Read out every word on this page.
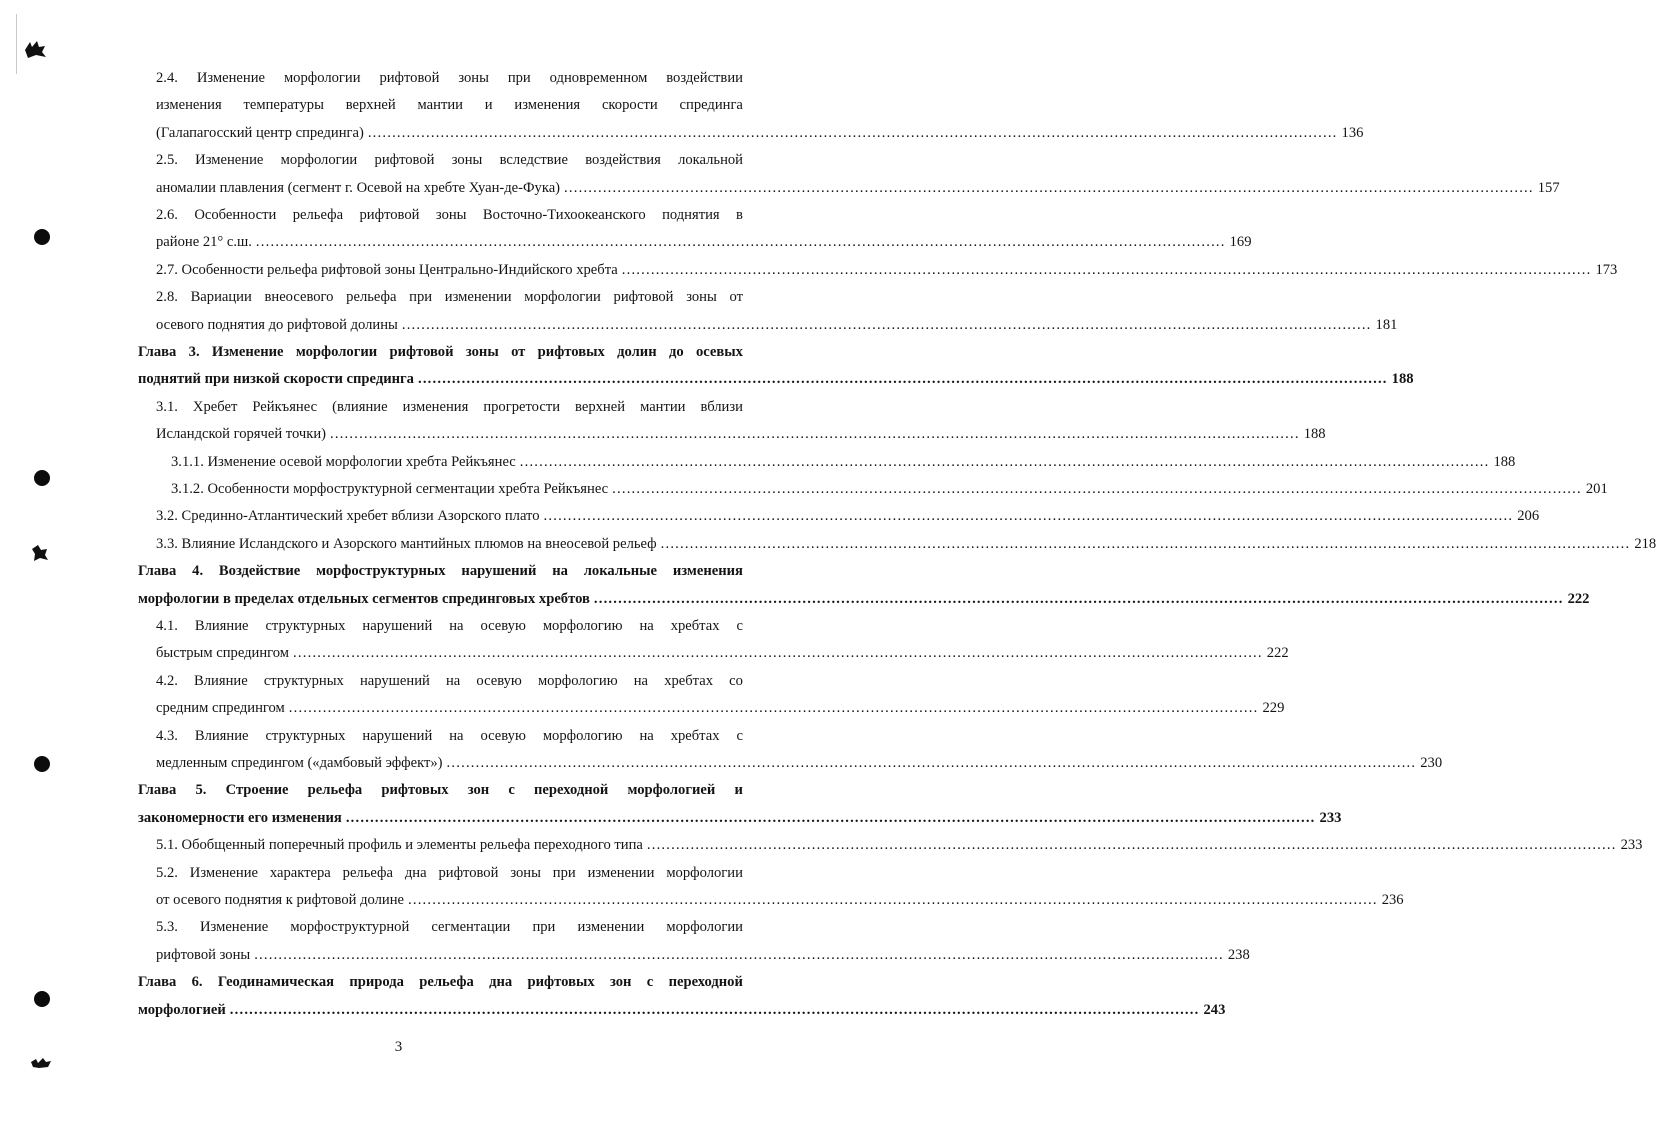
2.4. Изменение морфологии рифтовой зоны при одновременном воздействии
изменения температуры верхней мантии и изменения скорости спрединга
(Галапагосский центр спрединга) ........................................................................................................................................................................................................ 136
2.5. Изменение морфологии рифтовой зоны вследствие воздействия локальной
аномалии плавления (сегмент г. Осевой на хребте Хуан-де-Фука) ........................................................................................................................................................................................................ 157
2.6. Особенности рельефа рифтовой зоны Восточно-Тихоокеанского поднятия в
районе 21° с.ш. ........................................................................................................................................................................................................ 169
2.7. Особенности рельефа рифтовой зоны Центрально-Индийского хребта ........................................................................................................................................................................................................ 173
2.8. Вариации внеосевого рельефа при изменении морфологии рифтовой зоны от
осевого поднятия до рифтовой долины ........................................................................................................................................................................................................ 181
Глава 3. Изменение морфологии рифтовой зоны от рифтовых долин до осевых
поднятий при низкой скорости спрединга ........................................................................................................................................................................................................ 188
3.1. Хребет Рейкъянес (влияние изменения прогретости верхней мантии вблизи
Исландской горячей точки) ........................................................................................................................................................................................................ 188
3.1.1. Изменение осевой морфологии хребта Рейкъянес ........................................................................................................................................................................................................ 188
3.1.2. Особенности морфоструктурной сегментации хребта Рейкъянес ........................................................................................................................................................................................................ 201
3.2. Срединно-Атлантический хребет вблизи Азорского плато ........................................................................................................................................................................................................ 206
3.3. Влияние Исландского и Азорского мантийных плюмов на внеосевой рельеф ........................................................................................................................................................................................................ 218
Глава 4. Воздействие морфоструктурных нарушений на локальные изменения
морфологии в пределах отдельных сегментов спрединговых хребтов ........................................................................................................................................................................................................ 222
4.1. Влияние структурных нарушений на осевую морфологию на хребтах с
быстрым спредингом ........................................................................................................................................................................................................ 222
4.2. Влияние структурных нарушений на осевую морфологию на хребтах со
средним спредингом ........................................................................................................................................................................................................ 229
4.3. Влияние структурных нарушений на осевую морфологию на хребтах с
медленным спредингом («дамбовый эффект») ........................................................................................................................................................................................................ 230
Глава 5. Строение рельефа рифтовых зон с переходной морфологией и
закономерности его изменения ........................................................................................................................................................................................................ 233
5.1. Обобщенный поперечный профиль и элементы рельефа переходного типа ........................................................................................................................................................................................................ 233
5.2. Изменение характера рельефа дна рифтовой зоны при изменении морфологии
от осевого поднятия к рифтовой долине ........................................................................................................................................................................................................ 236
5.3. Изменение морфоструктурной сегментации при изменении морфологии
рифтовой зоны ........................................................................................................................................................................................................ 238
Глава 6. Геодинамическая природа рельефа дна рифтовых зон с переходной
морфологией ........................................................................................................................................................................................................ 243
3
